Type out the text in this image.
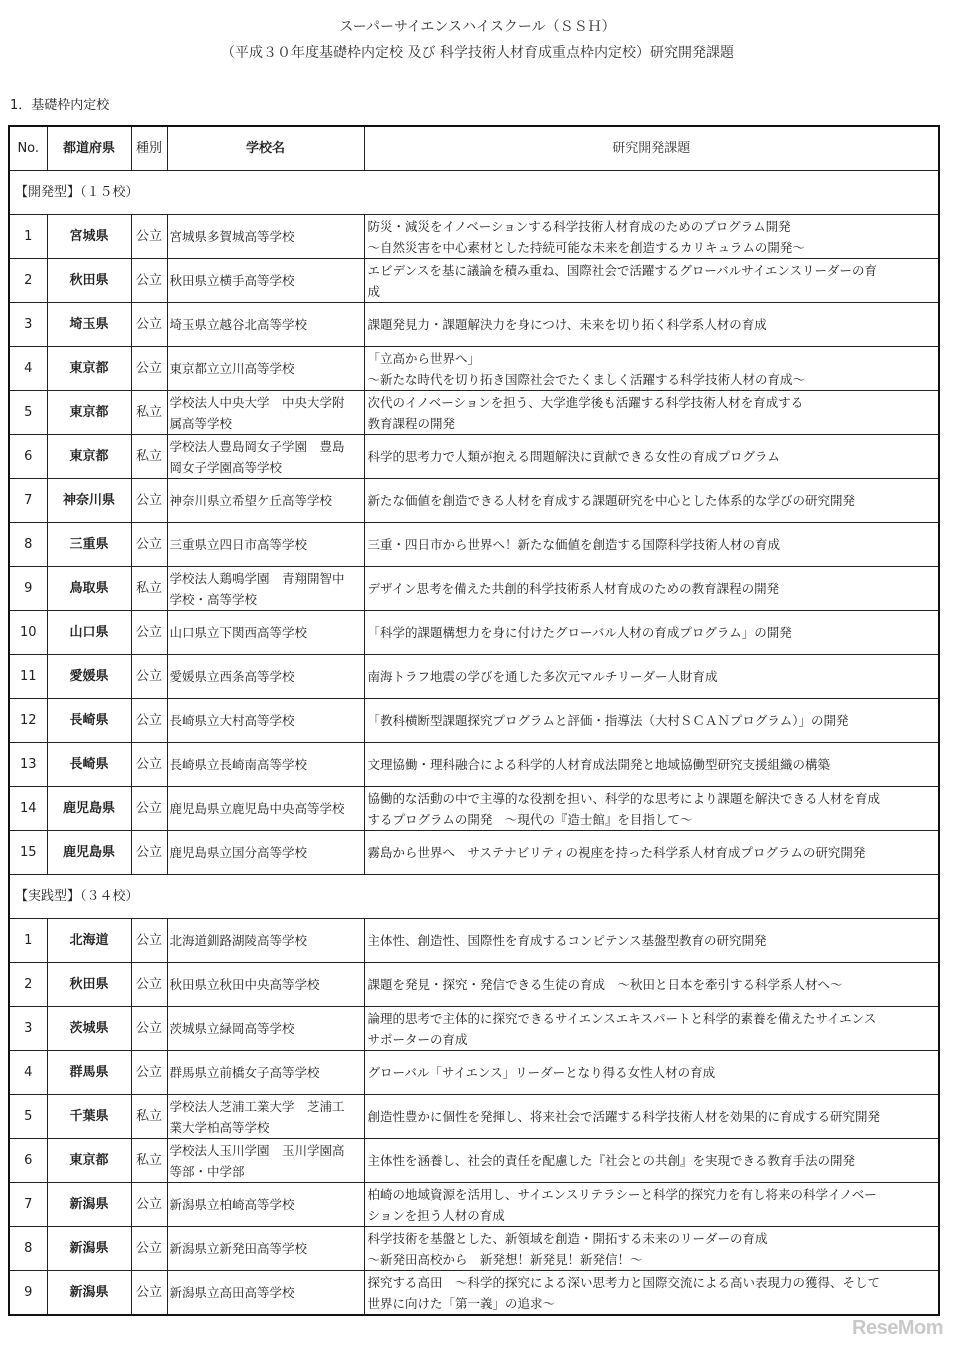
スーパーサイエンスハイスクール（ＳＳＨ）
（平成３０年度基礎枠内定校 及び 科学技術人材育成重点枠内定校）研究開発課題
1．基礎枠内定校
No.	都道府県	種別	学校名	研究開発課題
【開発型】（１５校）				
1	宮城県	公立	宮城県多賀城高等学校	防災・減災をイノベーションする科学技術人材育成のためのプログラム開発
～自然災害を中心素材とした持続可能な未来を創造するカリキュラムの開発～
2	秋田県	公立	秋田県立横手高等学校	エビデンスを基に議論を積み重ね、国際社会で活躍するグローバルサイエンスリーダーの育
成
3	埼玉県	公立	埼玉県立越谷北高等学校	課題発見力・課題解決力を身につけ、未来を切り拓く科学系人材の育成
4	東京都	公立	東京都立立川高等学校	「立高から世界へ」
～新たな時代を切り拓き国際社会でたくましく活躍する科学技術人材の育成～
5	東京都	私立	学校法人中央大学　中央大学附
属高等学校	次代のイノベーションを担う、大学進学後も活躍する科学技術人材を育成する
教育課程の開発
6	東京都	私立	学校法人豊島岡女子学園　豊島
岡女子学園高等学校	科学的思考力で人類が抱える問題解決に貢献できる女性の育成プログラム
7	神奈川県	公立	神奈川県立希望ケ丘高等学校	新たな価値を創造できる人材を育成する課題研究を中心とした体系的な学びの研究開発
8	三重県	公立	三重県立四日市高等学校	三重・四日市から世界へ！新たな価値を創造する国際科学技術人材の育成
9	鳥取県	私立	学校法人鶏鳴学園　青翔開智中
学校・高等学校	デザイン思考を備えた共創的科学技術系人材育成のための教育課程の開発
10	山口県	公立	山口県立下関西高等学校	「科学的課題構想力を身に付けたグローバル人材の育成プログラム」の開発
11	愛媛県	公立	愛媛県立西条高等学校	南海トラフ地震の学びを通した多次元マルチリーダー人財育成
12	長崎県	公立	長崎県立大村高等学校	「教科横断型課題探究プログラムと評価・指導法（大村ＳＣＡＮプログラム）」の開発
13	長崎県	公立	長崎県立長崎南高等学校	文理協働・理科融合による科学的人材育成法開発と地域協働型研究支援組織の構築
14	鹿児島県	公立	鹿児島県立鹿児島中央高等学校	協働的な活動の中で主導的な役割を担い、科学的な思考により課題を解決できる人材を育成
するプログラムの開発　～現代の『造士館』を目指して～
15	鹿児島県	公立	鹿児島県立国分高等学校	霧島から世界へ　サステナビリティの視座を持った科学系人材育成プログラムの研究開発
【実践型】（３４校）				
1	北海道	公立	北海道釧路湖陵高等学校	主体性、創造性、国際性を育成するコンピテンス基盤型教育の研究開発
2	秋田県	公立	秋田県立秋田中央高等学校	課題を発見・探究・発信できる生徒の育成　～秋田と日本を牽引する科学系人材へ～
3	茨城県	公立	茨城県立緑岡高等学校	論理的思考で主体的に探究できるサイエンスエキスパートと科学的素養を備えたサイエンス
サポーターの育成
4	群馬県	公立	群馬県立前橋女子高等学校	グローバル「サイエンス」リーダーとなり得る女性人材の育成
5	千葉県	私立	学校法人芝浦工業大学　芝浦工
業大学柏高等学校	創造性豊かに個性を発揮し、将来社会で活躍する科学技術人材を効果的に育成する研究開発
6	東京都	私立	学校法人玉川学園　玉川学園高
等部・中学部	主体性を涵養し、社会的責任を配慮した『社会との共創』を実現できる教育手法の開発
7	新潟県	公立	新潟県立柏崎高等学校	柏崎の地域資源を活用し、サイエンスリテラシーと科学的探究力を有し将来の科学イノベー
ションを担う人材の育成
8	新潟県	公立	新潟県立新発田高等学校	科学技術を基盤とした、新領域を創造・開拓する未来のリーダーの育成
～新発田高校から　新発想！新発見！新発信！～
9	新潟県	公立	新潟県立高田高等学校	探究する高田　～科学的探究による深い思考力と国際交流による高い表現力の獲得、そして
世界に向けた「第一義」の追求～
ReseMom
